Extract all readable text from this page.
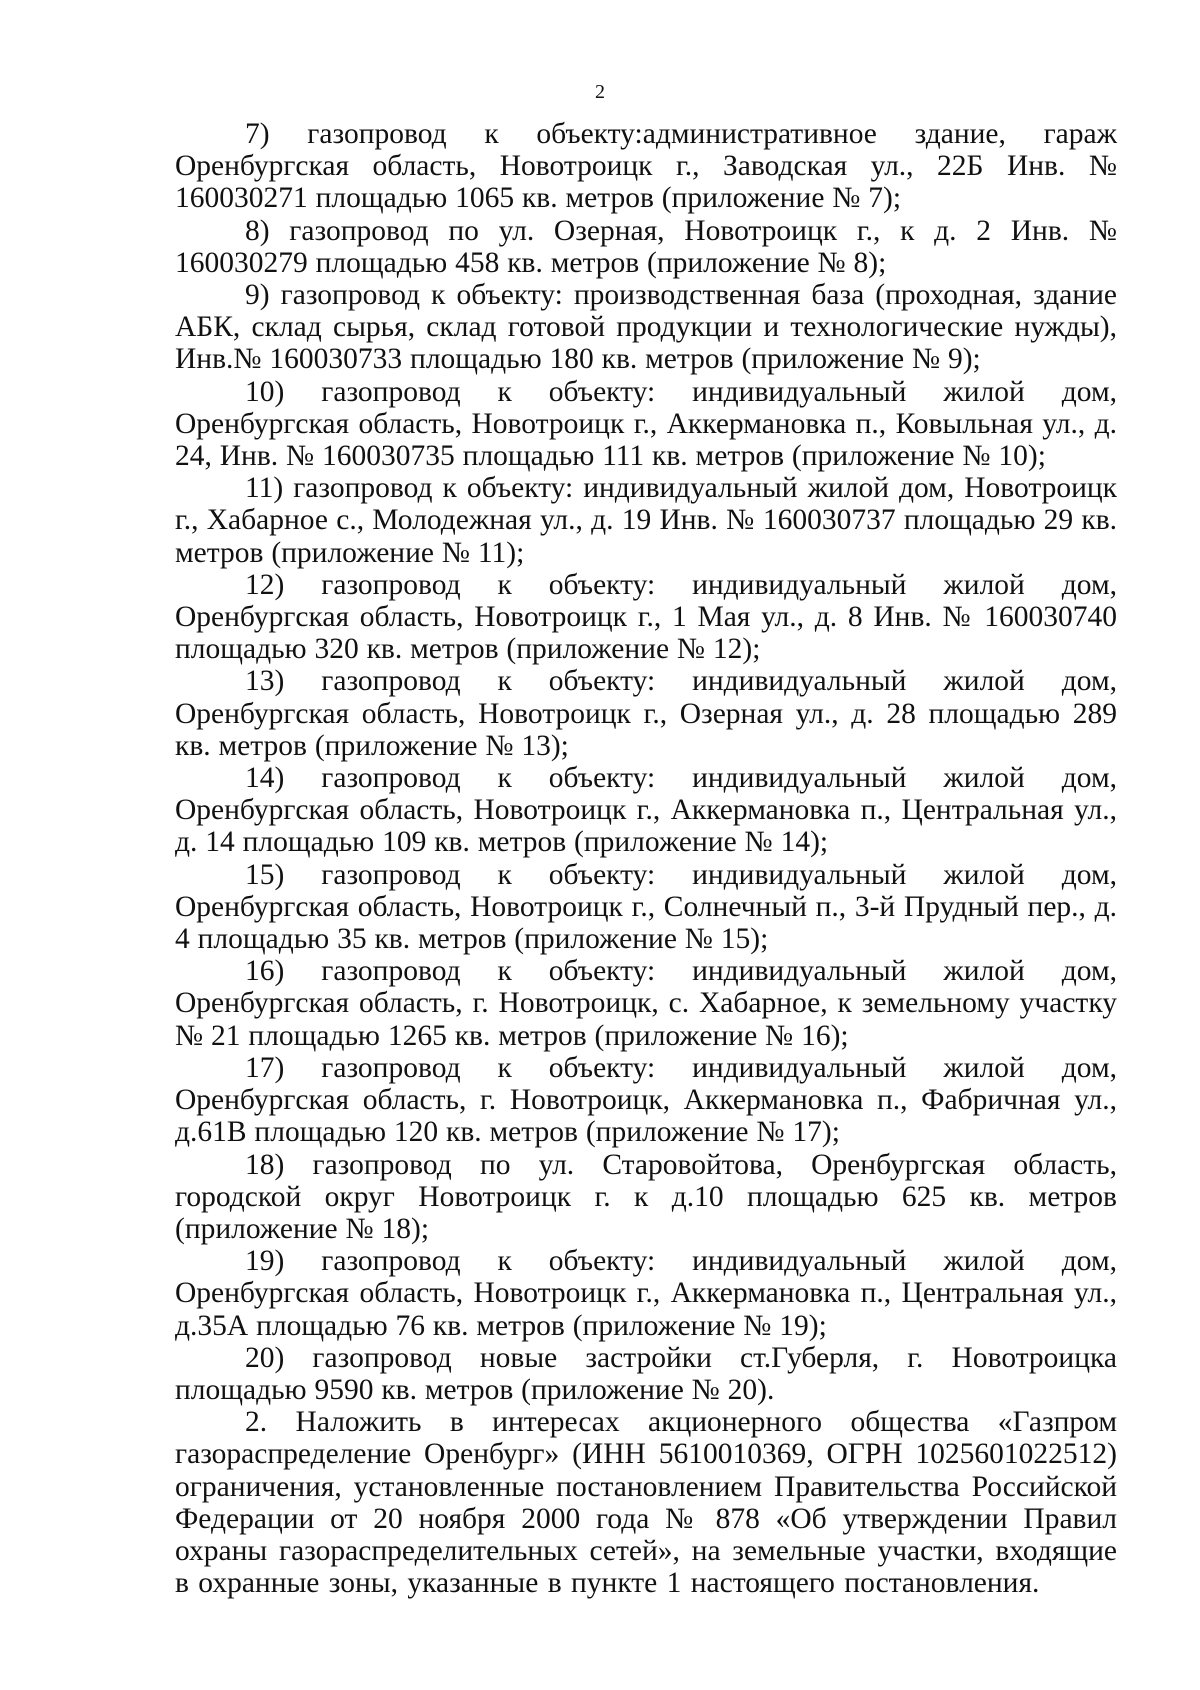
2

7) газопровод к объекту:административное здание, гараж Оренбургская область, Новотроицк г., Заводская ул., 22Б Инв. № 160030271 площадью 1065 кв. метров (приложение № 7);

8) газопровод по ул. Озерная, Новотроицк г., к д. 2 Инв. № 160030279 площадью 458 кв. метров (приложение № 8);

9) газопровод к объекту: производственная база (проходная, здание АБК, склад сырья, склад готовой продукции и технологические нужды), Инв.№ 160030733 площадью 180 кв. метров (приложение № 9);

10) газопровод к объекту: индивидуальный жилой дом, Оренбургская область, Новотроицк г., Аккермановка п., Ковыльная ул., д. 24, Инв. № 160030735 площадью 111 кв. метров (приложение № 10);

11) газопровод к объекту: индивидуальный жилой дом, Новотроицк г., Хабарное с., Молодежная ул., д. 19 Инв. № 160030737 площадью 29 кв. метров (приложение № 11);

12) газопровод к объекту: индивидуальный жилой дом, Оренбургская область, Новотроицк г., 1 Мая ул., д. 8 Инв. № 160030740 площадью 320 кв. метров (приложение № 12);

13) газопровод к объекту: индивидуальный жилой дом, Оренбургская область, Новотроицк г., Озерная ул., д. 28 площадью 289 кв. метров (приложение № 13);

14) газопровод к объекту: индивидуальный жилой дом, Оренбургская область, Новотроицк г., Аккермановка п., Центральная ул., д. 14 площадью 109 кв. метров (приложение № 14);

15) газопровод к объекту: индивидуальный жилой дом, Оренбургская область, Новотроицк г., Солнечный п., 3-й Прудный пер., д. 4 площадью 35 кв. метров (приложение № 15);

16) газопровод к объекту: индивидуальный жилой дом, Оренбургская область, г. Новотроицк, с. Хабарное, к земельному участку № 21 площадью 1265 кв. метров (приложение № 16);

17) газопровод к объекту: индивидуальный жилой дом, Оренбургская область, г. Новотроицк, Аккермановка п., Фабричная ул., д.61В площадью 120 кв. метров (приложение № 17);

18) газопровод по ул. Старовойтова, Оренбургская область, городской округ Новотроицк г. к д.10 площадью 625 кв. метров (приложение № 18);

19) газопровод к объекту: индивидуальный жилой дом, Оренбургская область, Новотроицк г., Аккермановка п., Центральная ул., д.35А площадью 76 кв. метров (приложение № 19);

20) газопровод новые застройки ст.Губерля, г. Новотроицка площадью 9590 кв. метров (приложение № 20).

2. Наложить в интересах акционерного общества «Газпром газораспределение Оренбург» (ИНН 5610010369, ОГРН 1025601022512) ограничения, установленные постановлением Правительства Российской Федерации от 20 ноября 2000 года № 878 «Об утверждении Правил охраны газораспределительных сетей», на земельные участки, входящие в охранные зоны, указанные в пункте 1 настоящего постановления.
